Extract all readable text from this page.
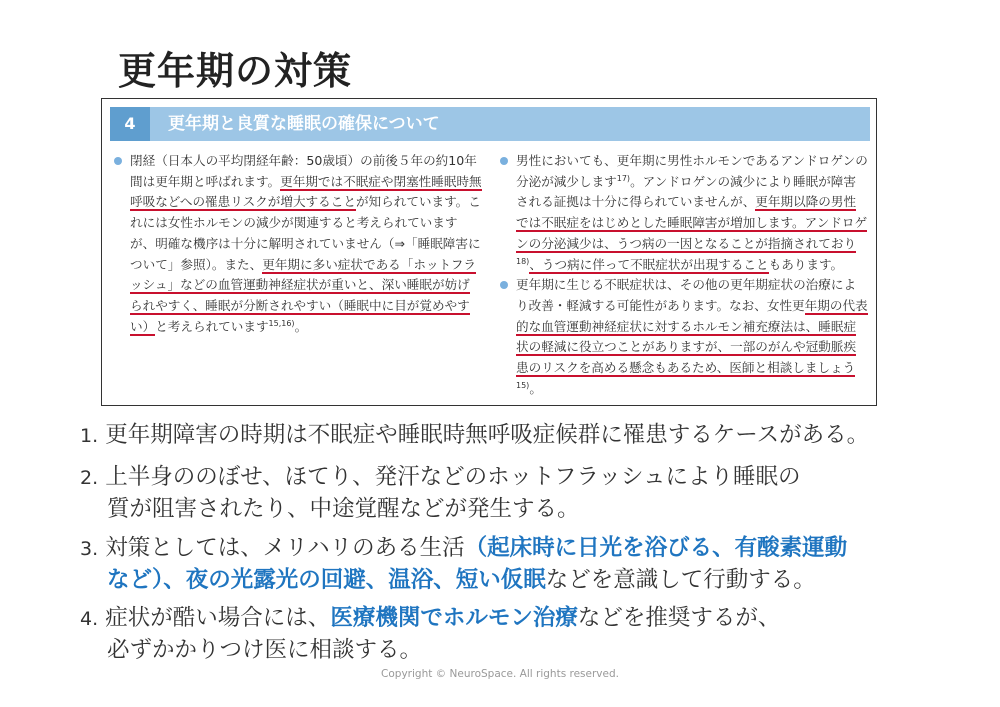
更年期の対策
4	更年期と良質な睡眠の確保について

閉経（日本人の平均閉経年齢：50歳頃）の前後５年の約10年間は更年期と呼ばれます。更年期では不眠症や閉塞性睡眠時無呼吸などへの罹患リスクが増大することが知られています。これには女性ホルモンの減少が関連すると考えられていますが、明確な機序は十分に解明されていません（⇒「睡眠障害について」参照）。また、更年期に多い症状である「ホットフラッシュ」などの血管運動神経症状が重いと、深い睡眠が妨げられやすく、睡眠が分断されやすい（睡眠中に目が覚めやすい）と考えられています$^{15,16)}$。

男性においても、更年期に男性ホルモンであるアンドロゲンの分泌が減少します$^{17)}$。アンドロゲンの減少により睡眠が障害される証拠は十分に得られていませんが、更年期以降の男性では不眠症をはじめとした睡眠障害が増加します。アンドロゲンの分泌減少は、うつ病の一因となることが指摘されており$^{18)}$、うつ病に伴って不眠症状が出現することもあります。

更年期に生じる不眠症状は、その他の更年期症状の治療により改善・軽減する可能性があります。なお、女性更年期の代表的な血管運動神経症状に対するホルモン補充療法は、睡眠症状の軽減に役立つことがありますが、一部のがんや冠動脈疾患のリスクを高める懸念もあるため、医師と相談しましょう$^{15)}$。

1. 更年期障害の時期は不眠症や睡眠時無呼吸症候群に罹患するケースがある。
2. 上半身ののぼせ、ほてり、発汗などのホットフラッシュにより睡眠の
質が阻害されたり、中途覚醒などが発生する。
3. 対策としては、メリハリのある生活（起床時に日光を浴びる、有酸素運動
など）、夜の光露光の回避、温浴、短い仮眠などを意識して行動する。
4. 症状が酷い場合には、医療機関でホルモン治療などを推奨するが、
必ずかかりつけ医に相談する。
Copyright © NeuroSpace. All rights reserved.
